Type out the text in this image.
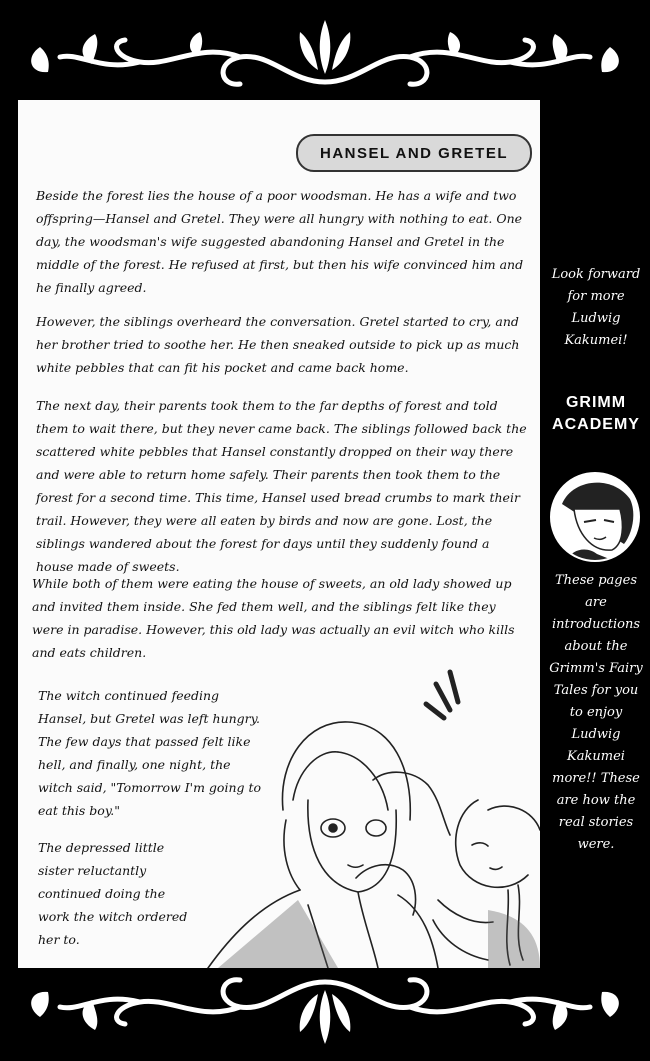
HANSEL AND GRETEL

Beside the forest lies the house of a poor woodsman. He has a wife and two offspring—Hansel and Gretel. They were all hungry with nothing to eat. One day, the woodsman's wife suggested abandoning Hansel and Gretel in the middle of the forest. He refused at first, but then his wife convinced him and he finally agreed.

However, the siblings overheard the conversation. Gretel started to cry, and her brother tried to soothe her. He then sneaked outside to pick up as much white pebbles that can fit his pocket and came back home.

The next day, their parents took them to the far depths of forest and told them to wait there, but they never came back. The siblings followed back the scattered white pebbles that Hansel constantly dropped on their way there and were able to return home safely. Their parents then took them to the forest for a second time. This time, Hansel used bread crumbs to mark their trail. However, they were all eaten by birds and now are gone. Lost, the siblings wandered about the forest for days until they suddenly found a house made of sweets.

While both of them were eating the house of sweets, an old lady showed up and invited them inside. She fed them well, and the siblings felt like they were in paradise. However, this old lady was actually an evil witch who kills and eats children.

The witch continued feeding Hansel, but Gretel was left hungry. The few days that passed felt like hell, and finally, one night, the witch said, "Tomorrow I'm going to eat this boy."

The depressed little sister reluctantly continued doing the work the witch ordered her to.

Look forward for more Ludwig Kakumei!

GRIMM ACADEMY

These pages are introductions about the Grimm's Fairy Tales for you to enjoy Ludwig Kakumei more!! These are how the real stories were.
